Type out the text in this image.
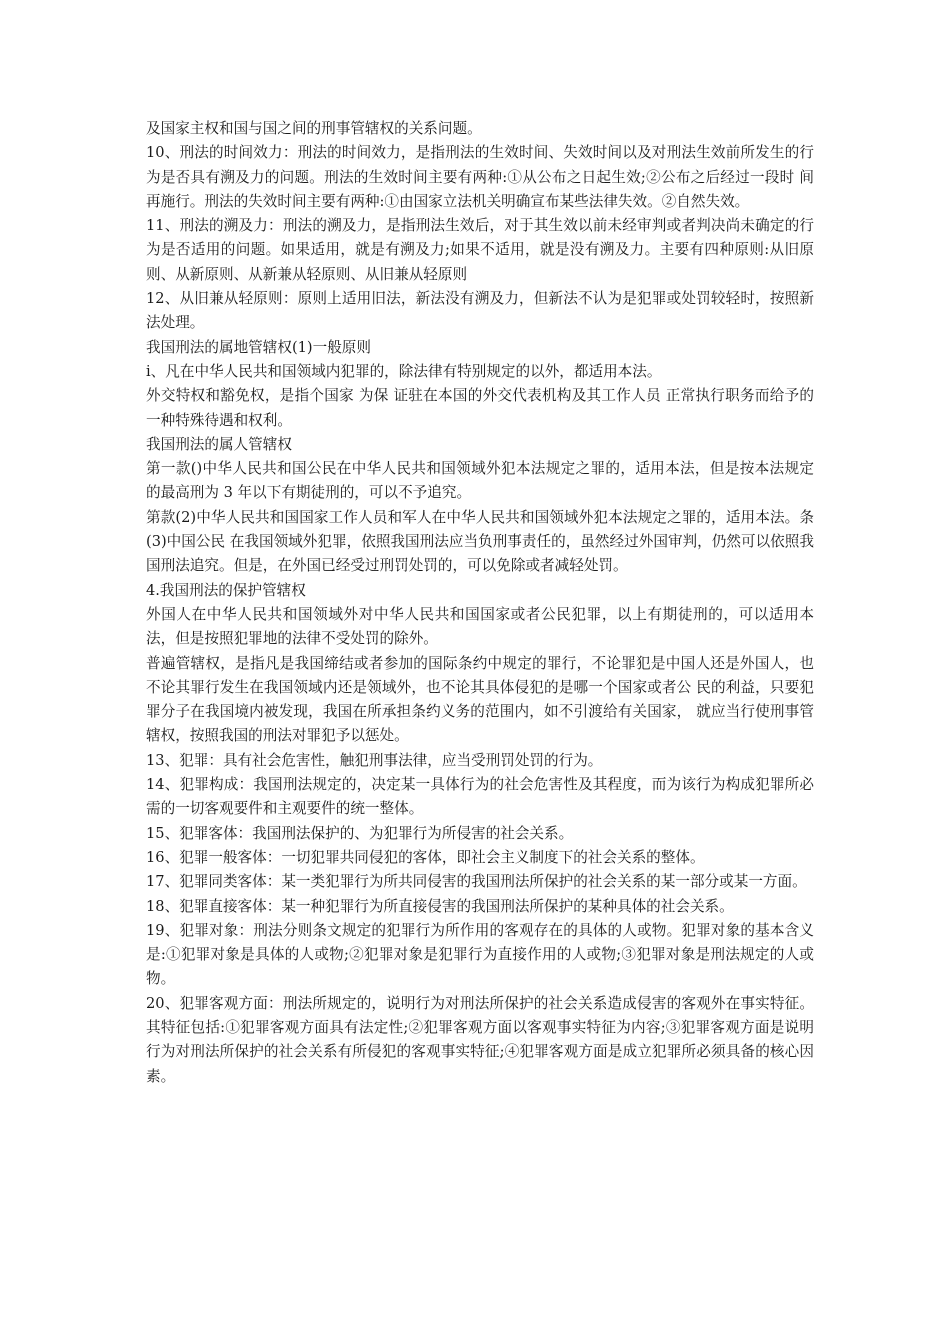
及国家主权和国与国之间的刑事管辖权的关系问题。

10、刑法的时间效力：刑法的时间效力，是指刑法的生效时间、失效时间以及对刑法生效前所发生的行为是否具有溯及力的问题。刑法的生效时间主要有两种:①从公布之日起生效;②公布之后经过一段时 间再施行。刑法的失效时间主要有两种:①由国家立法机关明确宣布某些法律失效。②自然失效。

11、刑法的溯及力：刑法的溯及力，是指刑法生效后，对于其生效以前未经审判或者判决尚未确定的行为是否适用的问题。如果适用，就是有溯及力;如果不适用，就是没有溯及力。主要有四种原则:从旧原则、从新原则、从新兼从轻原则、从旧兼从轻原则

12、从旧兼从轻原则：原则上适用旧法，新法没有溯及力，但新法不认为是犯罪或处罚较轻时，按照新法处理。

我国刑法的属地管辖权(1)一般原则

i、凡在中华人民共和国领域内犯罪的，除法律有特别规定的以外，都适用本法。

外交特权和豁免权，是指个国家 为保 证驻在本国的外交代表机构及其工作人员 正常执行职务而给予的一种特殊待遇和权利。

我国刑法的属人管辖权

第一款()中华人民共和国公民在中华人民共和国领域外犯本法规定之罪的，适用本法，但是按本法规定的最高刑为 3 年以下有期徒刑的，可以不予追究。

第款(2)中华人民共和国国家工作人员和军人在中华人民共和国领域外犯本法规定之罪的，适用本法。条(3)中国公民 在我国领域外犯罪，依照我国刑法应当负刑事责任的，虽然经过外国审判，仍然可以依照我国刑法追究。但是，在外国已经受过刑罚处罚的，可以免除或者减轻处罚。

4.我国刑法的保护管辖权

外国人在中华人民共和国领域外对中华人民共和国国家或者公民犯罪，以上有期徒刑的，可以适用本法，但是按照犯罪地的法律不受处罚的除外。

普遍管辖权，是指凡是我国缔结或者参加的国际条约中规定的罪行，不论罪犯是中国人还是外国人，也不论其罪行发生在我国领域内还是领域外，也不论其具体侵犯的是哪一个国家或者公 民的利益，只要犯罪分子在我国境内被发现，我国在所承担条约义务的范围内，如不引渡给有关国家， 就应当行使刑事管辖权，按照我国的刑法对罪犯予以惩处。

13、犯罪：具有社会危害性，触犯刑事法律，应当受刑罚处罚的行为。

14、犯罪构成：我国刑法规定的，决定某一具体行为的社会危害性及其程度，而为该行为构成犯罪所必需的一切客观要件和主观要件的统一整体。

15、犯罪客体：我国刑法保护的、为犯罪行为所侵害的社会关系。

16、犯罪一般客体：一切犯罪共同侵犯的客体，即社会主义制度下的社会关系的整体。

17、犯罪同类客体：某一类犯罪行为所共同侵害的我国刑法所保护的社会关系的某一部分或某一方面。

18、犯罪直接客体：某一种犯罪行为所直接侵害的我国刑法所保护的某种具体的社会关系。

19、犯罪对象：刑法分则条文规定的犯罪行为所作用的客观存在的具体的人或物。犯罪对象的基本含义是:①犯罪对象是具体的人或物;②犯罪对象是犯罪行为直接作用的人或物;③犯罪对象是刑法规定的人或物。

20、犯罪客观方面：刑法所规定的，说明行为对刑法所保护的社会关系造成侵害的客观外在事实特征。其特征包括:①犯罪客观方面具有法定性;②犯罪客观方面以客观事实特征为内容;③犯罪客观方面是说明行为对刑法所保护的社会关系有所侵犯的客观事实特征;④犯罪客观方面是成立犯罪所必须具备的核心因素。
